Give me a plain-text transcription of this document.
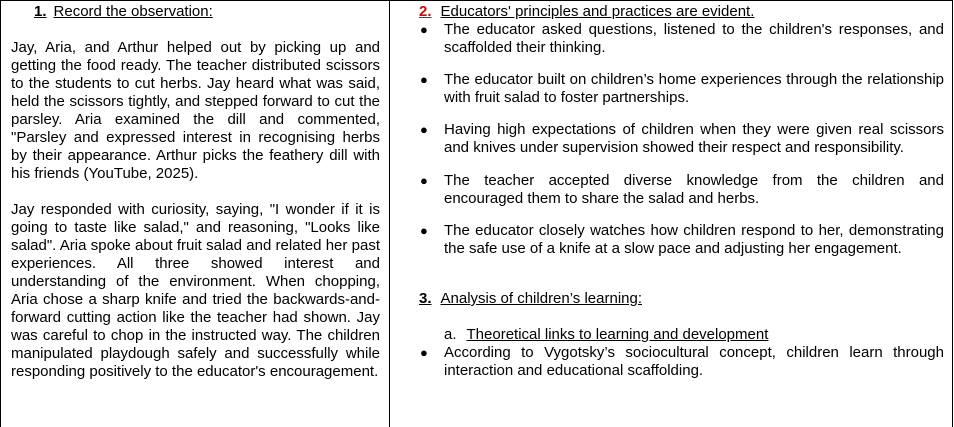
1. Record the observation:

Jay, Aria, and Arthur helped out by picking up and getting the food ready. The teacher distributed scissors to the students to cut herbs. Jay heard what was said, held the scissors tightly, and stepped forward to cut the parsley. Aria examined the dill and commented, "Parsley and expressed interest in recognising herbs by their appearance. Arthur picks the feathery dill with his friends (YouTube, 2025).

Jay responded with curiosity, saying, "I wonder if it is going to taste like salad," and reasoning, "Looks like salad". Aria spoke about fruit salad and related her past experiences. All three showed interest and understanding of the environment. When chopping, Aria chose a sharp knife and tried the backwards-and-forward cutting action like the teacher had shown. Jay was careful to chop in the instructed way. The children manipulated playdough safely and successfully while responding positively to the educator's encouragement.

2. Educators' principles and practices are evident.
● The educator asked questions, listened to the children's responses, and scaffolded their thinking.
● The educator built on children’s home experiences through the relationship with fruit salad to foster partnerships.
● Having high expectations of children when they were given real scissors and knives under supervision showed their respect and responsibility.
● The teacher accepted diverse knowledge from the children and encouraged them to share the salad and herbs.
● The educator closely watches how children respond to her, demonstrating the safe use of a knife at a slow pace and adjusting her engagement.
3. Analysis of children’s learning:
a. Theoretical links to learning and development
● According to Vygotsky’s sociocultural concept, children learn through interaction and educational scaffolding.
